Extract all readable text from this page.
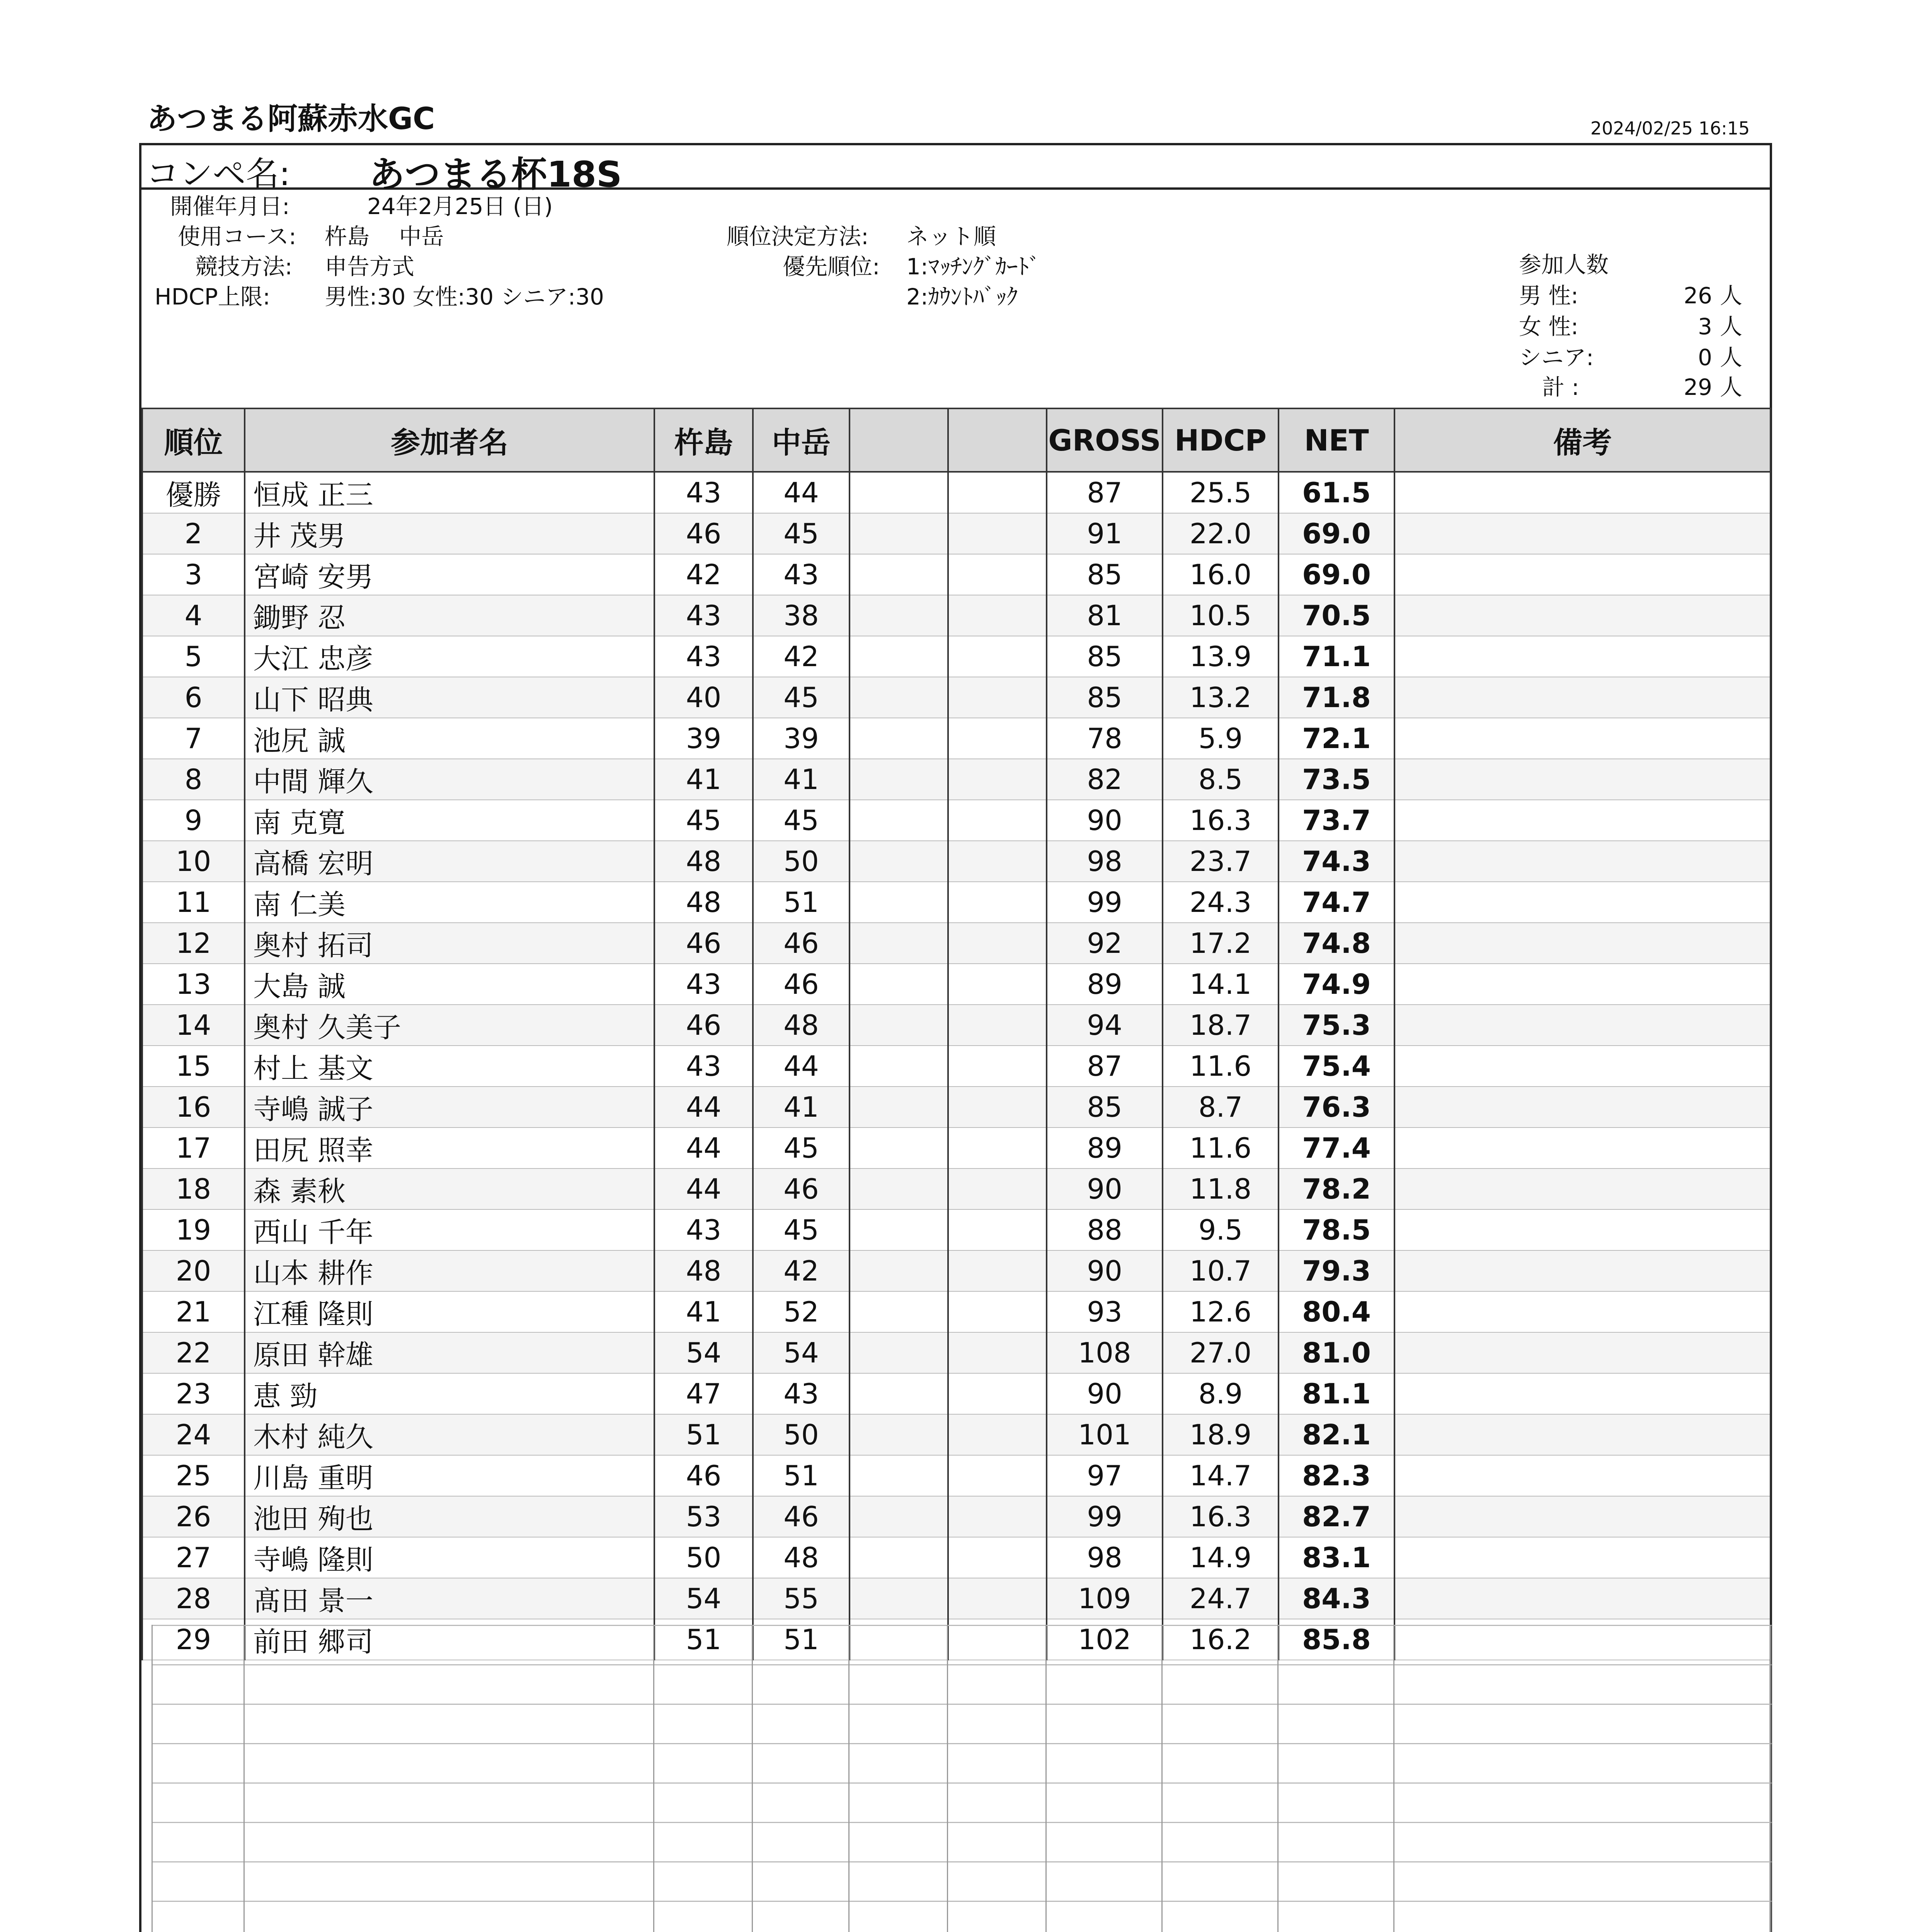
あつまる阿蘇赤水GC	2024/02/25 16:15
コンペ名: あつまる杯18S
開催年月日:	24年2月25日 (日)
使用コース: 杵島　 中岳
競技方法: 申告方式
HDCP上限: 男性:30 女性:30 シニア:30
順位決定方法: ネット順
優先順位: 1:ﾏｯﾁﾝｸﾞｶｰﾄﾞ
2:ｶｳﾝﾄﾊﾞｯｸ
参加人数
男 性:	26 人
女 性:	3 人
シニア:	0 人
計 :	29 人
順位	参加者名	杵島	中岳			GROSS	HDCP	NET	備考
優勝	恒成 正三	43	44			87	25.5	61.5	
2	井 茂男	46	45			91	22.0	69.0	
3	宮崎 安男	42	43			85	16.0	69.0	
4	鋤野 忍	43	38			81	10.5	70.5	
5	大江 忠彦	43	42			85	13.9	71.1	
6	山下 昭典	40	45			85	13.2	71.8	
7	池尻 誠	39	39			78	5.9	72.1	
8	中間 輝久	41	41			82	8.5	73.5	
9	南 克寛	45	45			90	16.3	73.7	
10	高橋 宏明	48	50			98	23.7	74.3	
11	南 仁美	48	51			99	24.3	74.7	
12	奥村 拓司	46	46			92	17.2	74.8	
13	大島 誠	43	46			89	14.1	74.9	
14	奥村 久美子	46	48			94	18.7	75.3	
15	村上 基文	43	44			87	11.6	75.4	
16	寺嶋 誠子	44	41			85	8.7	76.3	
17	田尻 照幸	44	45			89	11.6	77.4	
18	森 素秋	44	46			90	11.8	78.2	
19	西山 千年	43	45			88	9.5	78.5	
20	山本 耕作	48	42			90	10.7	79.3	
21	江種 隆則	41	52			93	12.6	80.4	
22	原田 幹雄	54	54			108	27.0	81.0	
23	恵 勁	47	43			90	8.9	81.1	
24	木村 純久	51	50			101	18.9	82.1	
25	川島 重明	46	51			97	14.7	82.3	
26	池田 殉也	53	46			99	16.3	82.7	
27	寺嶋 隆則	50	48			98	14.9	83.1	
28	髙田 景一	54	55			109	24.7	84.3	
29	前田 郷司	51	51			102	16.2	85.8	
